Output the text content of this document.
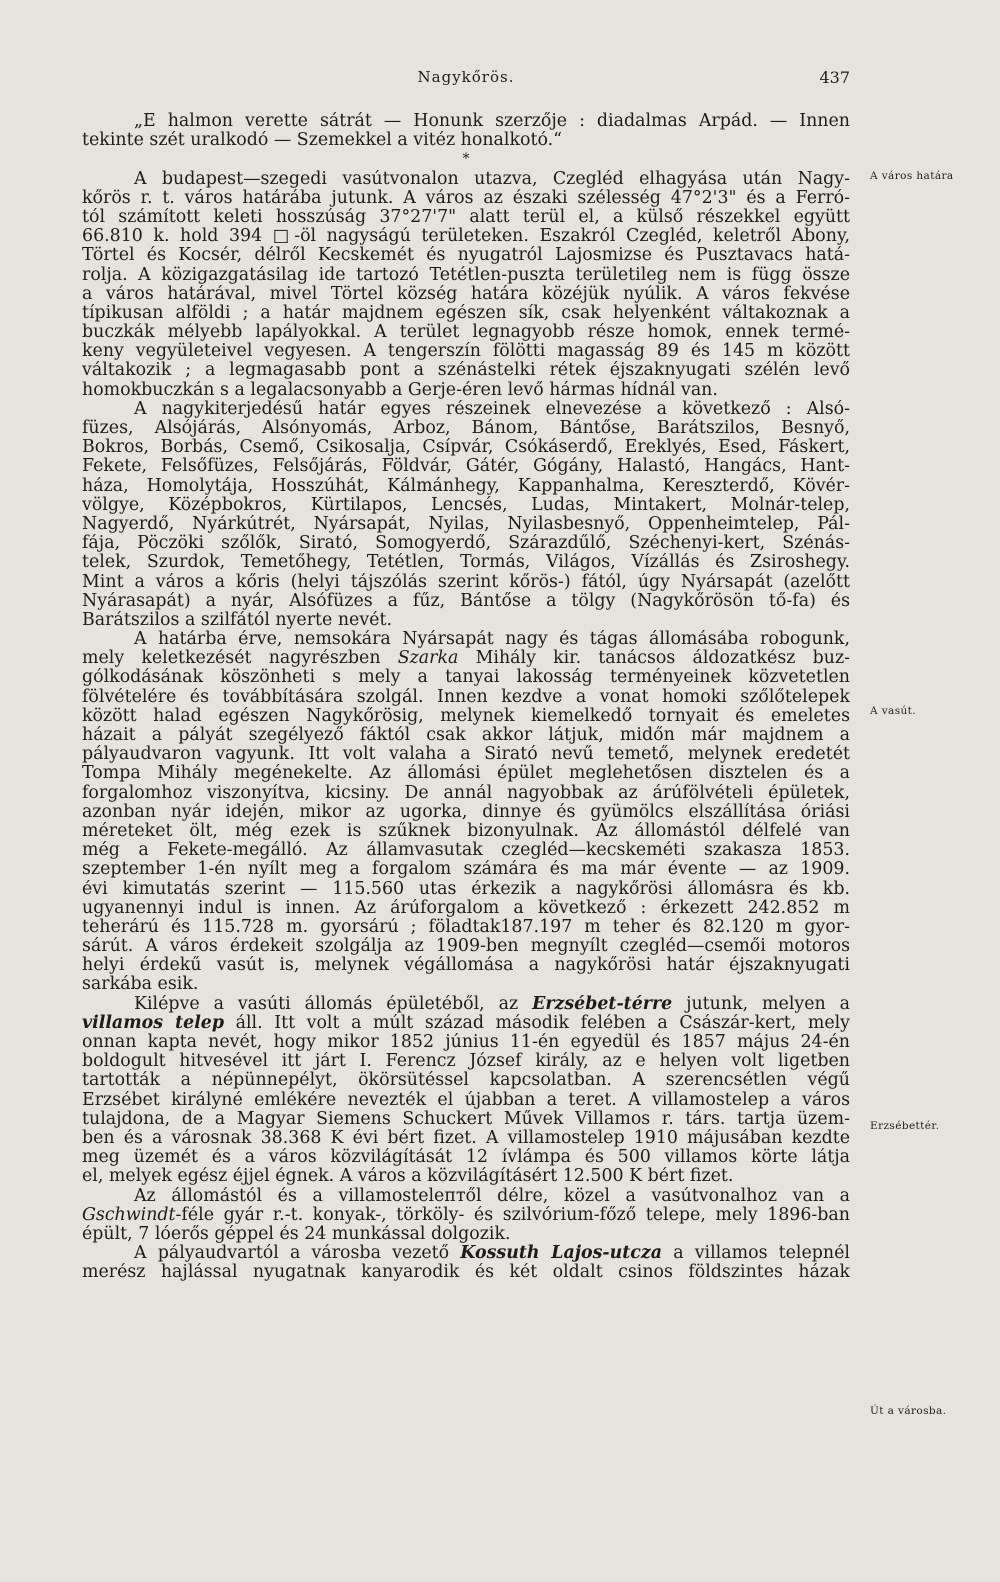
Nagykőrös.	437
„E halmon verette sátrát — Honunk szerzője : diadalmas Árpád. — Innen
tekinte szét uralkodó — Szemekkel a vitéz honalkotó.“
*
A budapest—szegedi vasútvonalon utazva, Czegléd elhagyása után Nagy-
kőrös r. t. város határába jutunk. A város az északi szélesség 47°2'3" és a Ferró-
tól számított keleti hosszúság 37°27'7" alatt terül el, a külső részekkel együtt
66.810 k. hold 394 □-öl nagyságú területeken. Északról Czegléd, keletről Abony,
Törtel és Kocsér, délről Kecskemét és nyugatról Lajosmizse és Pusztavacs hatá-
rolja. A közigazgatásilag ide tartozó Tetétlen-puszta területileg nem is függ össze
a város határával, mivel Törtel község határa közéjük nyúlik. A város fekvése
típikusan alföldi ; a határ majdnem egészen sík, csak helyenként váltakoznak a
buczkák mélyebb lapályokkal. A terület legnagyobb része homok, ennek termé-
keny vegyületeivel vegyesen. A tengerszín fölötti magasság 89 és 145 m között
váltakozik ; a legmagasabb pont a szénástelki rétek éjszaknyugati szélén levő
homokbuczkán s a legalacsonyabb a Gerje-éren levő hármas hídnál van.
A nagykiterjedésű határ egyes részeinek elnevezése a következő : Alsó-
füzes, Alsójárás, Alsónyomás, Árboz, Bánom, Bántőse, Barátszilos, Besnyő,
Bokros, Borbás, Csemő, Csikosalja, Csípvár, Csókáserdő, Ereklyés, Esed, Fáskert,
Fekete, Felsőfüzes, Felsőjárás, Földvár, Gátér, Gógány, Halastó, Hangács, Hant-
háza, Homolytája, Hosszúhát, Kálmánhegy, Kappanhalma, Kereszterdő, Kövér-
völgye, Középbokros, Kürtilapos, Lencsés, Ludas, Mintakert, Molnár-telep,
Nagyerdő, Nyárkútrét, Nyársapát, Nyilas, Nyilasbesnyő, Oppenheimtelep, Pál-
fája, Pöczöki szőlők, Sirató, Somogyerdő, Szárazdűlő, Széchenyi-kert, Szénás-
telek, Szurdok, Temetőhegy, Tetétlen, Tormás, Világos, Vízállás és Zsiroshegy.
Mint a város a kőris (helyi tájszólás szerint kőrös-) fától, úgy Nyársapát (azelőtt
Nyárasapát) a nyár, Alsófüzes a fűz, Bántőse a tölgy (Nagykőrösön tő-fa) és
Barátszilos a szilfától nyerte nevét.
A határba érve, nemsokára Nyársapát nagy és tágas állomásába robogunk,
mely keletkezését nagyrészben Szarka Mihály kir. tanácsos áldozatkész buz-
gólkodásának köszönheti s mely a tanyai lakosság terményeinek közvetetlen
fölvételére és továbbítására szolgál. Innen kezdve a vonat homoki szőlőtelepek
között halad egészen Nagykőrösig, melynek kiemelkedő tornyait és emeletes
házait a pályát szegélyező fáktól csak akkor látjuk, midőn már majdnem a
pályaudvaron vagyunk. Itt volt valaha a Sirató nevű temető, melynek eredetét
Tompa Mihály megénekelte. Az állomási épület meglehetősen disztelen és a
forgalomhoz viszonyítva, kicsiny. De annál nagyobbak az árúfölvételi épületek,
azonban nyár idején, mikor az ugorka, dinnye és gyümölcs elszállítása óriási
méreteket ölt, még ezek is szűknek bizonyulnak. Az állomástól délfelé van
még a Fekete-megálló. Az államvasutak czegléd—kecskeméti szakasza 1853.
szeptember 1-én nyílt meg a forgalom számára és ma már évente — az 1909.
évi kimutatás szerint — 115.560 utas érkezik a nagykőrösi állomásra és kb.
ugyanennyi indul is innen. Az árúforgalom a következő : érkezett 242.852 m
teherárú és 115.728 m. gyorsárú ; föladtak187.197 m teher és 82.120 m gyor-
sárút. A város érdekeit szolgálja az 1909-ben megnyílt czegléd—csemői motoros
helyi érdekű vasút is, melynek végállomása a nagykőrösi határ éjszaknyugati
sarkába esik.
Kilépve a vasúti állomás épületéből, az Erzsébet-térre jutunk, melyen a
villamos telep áll. Itt volt a múlt század második felében a Császár-kert, mely
onnan kapta nevét, hogy mikor 1852 június 11-én egyedül és 1857 május 24-én
boldogult hitvesével itt járt I. Ferencz József király, az e helyen volt ligetben
tartották a népünnepélyt, ökörsütéssel kapcsolatban. A szerencsétlen végű
Erzsébet királyné emlékére nevezték el újabban a teret. A villamostelep a város
tulajdona, de a Magyar Siemens Schuckert Művek Villamos r. társ. tartja üzem-
ben és a városnak 38.368 K évi bért fizet. A villamostelep 1910 májusában kezdte
meg üzemét és a város közvilágítását 12 ívlámpa és 500 villamos körte látja
el, melyek egész éjjel égnek. A város a közvilágításért 12.500 K bért fizet.
Az állomástól és a villamostelептől délre, közel a vasútvonalhoz van a
Gschwindt-féle gyár r.-t. konyak-, törköly- és szilvórium-főző telepe, mely 1896-ban
épült, 7 lóerős géppel és 24 munkással dolgozik.
A pályaudvartól a városba vezető Kossuth Lajos-utcza a villamos telepnél
merész hajlással nyugatnak kanyarodik és két oldalt csinos földszintes házak
A város határa
A vasút.
Erzsébettér.
Út a városba.
